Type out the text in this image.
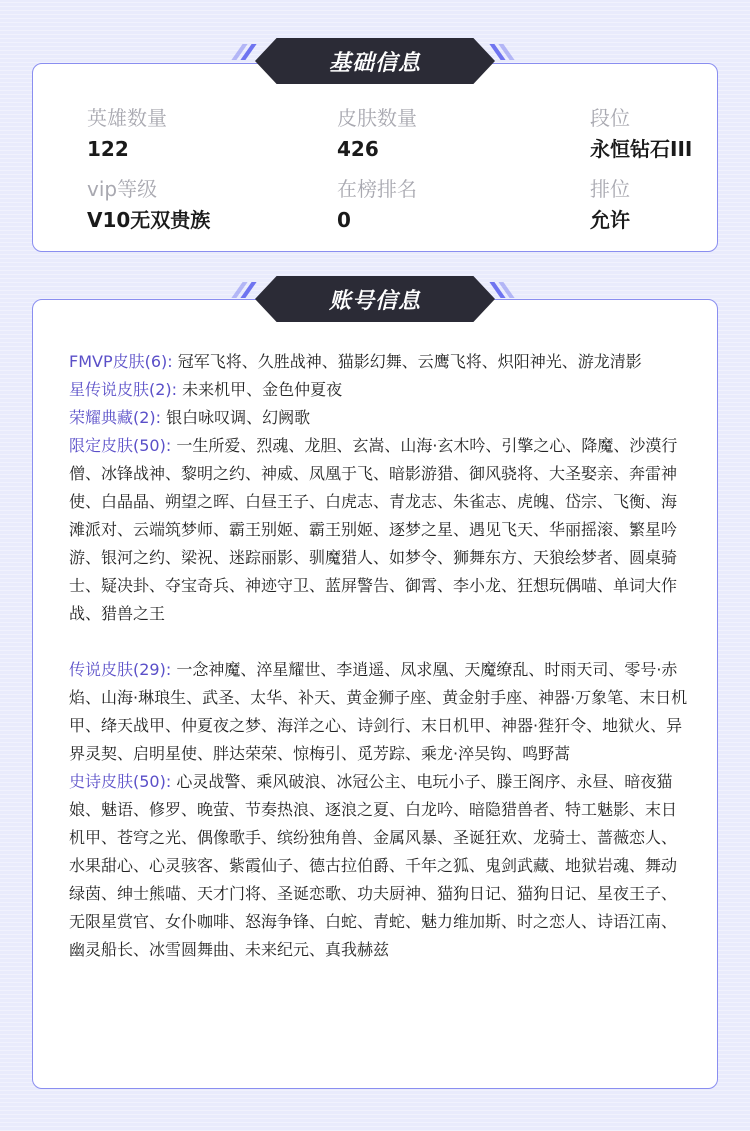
英雄数量
122
皮肤数量
426
段位
永恒钻石III
vip等级
V10无双贵族
在榜排名
0
排位
允许
基础信息
FMVP皮肤(6): 冠军飞将、久胜战神、猫影幻舞、云鹰飞将、炽阳神光、游龙清影
星传说皮肤(2): 未来机甲、金色仲夏夜
荣耀典藏(2): 银白咏叹调、幻阙歌
限定皮肤(50): 一生所爱、烈魂、龙胆、玄嵩、山海·玄木吟、引擎之心、降魔、沙漠行僧、冰锋战神、黎明之约、神威、凤凰于飞、暗影游猎、御风骁将、大圣娶亲、奔雷神使、白晶晶、朔望之晖、白昼王子、白虎志、青龙志、朱雀志、虎魄、岱宗、飞衡、海滩派对、云端筑梦师、霸王别姬、霸王别姬、逐梦之星、遇见飞天、华丽摇滚、繁星吟游、银河之约、梁祝、迷踪丽影、驯魔猎人、如梦令、狮舞东方、天狼绘梦者、圆桌骑士、疑决卦、夺宝奇兵、神迹守卫、蓝屏警告、御霄、李小龙、狂想玩偶喵、单词大作战、猎兽之王
传说皮肤(29): 一念神魔、淬星耀世、李逍遥、凤求凰、天魔缭乱、时雨天司、零号·赤焰、山海·琳琅生、武圣、太华、补天、黄金狮子座、黄金射手座、神器·万象笔、末日机甲、绛天战甲、仲夏夜之梦、海洋之心、诗剑行、末日机甲、神器·狴犴令、地狱火、异界灵契、启明星使、胖达荣荣、惊梅引、觅芳踪、乘龙·淬吴钩、鸣野蒿
史诗皮肤(50): 心灵战警、乘风破浪、冰冠公主、电玩小子、滕王阁序、永昼、暗夜猫娘、魅语、修罗、晚萤、节奏热浪、逐浪之夏、白龙吟、暗隐猎兽者、特工魅影、末日机甲、苍穹之光、偶像歌手、缤纷独角兽、金属风暴、圣诞狂欢、龙骑士、蔷薇恋人、水果甜心、心灵骇客、紫霞仙子、德古拉伯爵、千年之狐、鬼剑武藏、地狱岩魂、舞动绿茵、绅士熊喵、天才门将、圣诞恋歌、功夫厨神、猫狗日记、猫狗日记、星夜王子、无限星赏官、女仆咖啡、怒海争锋、白蛇、青蛇、魅力维加斯、时之恋人、诗语江南、幽灵船长、冰雪圆舞曲、未来纪元、真我赫兹
账号信息
